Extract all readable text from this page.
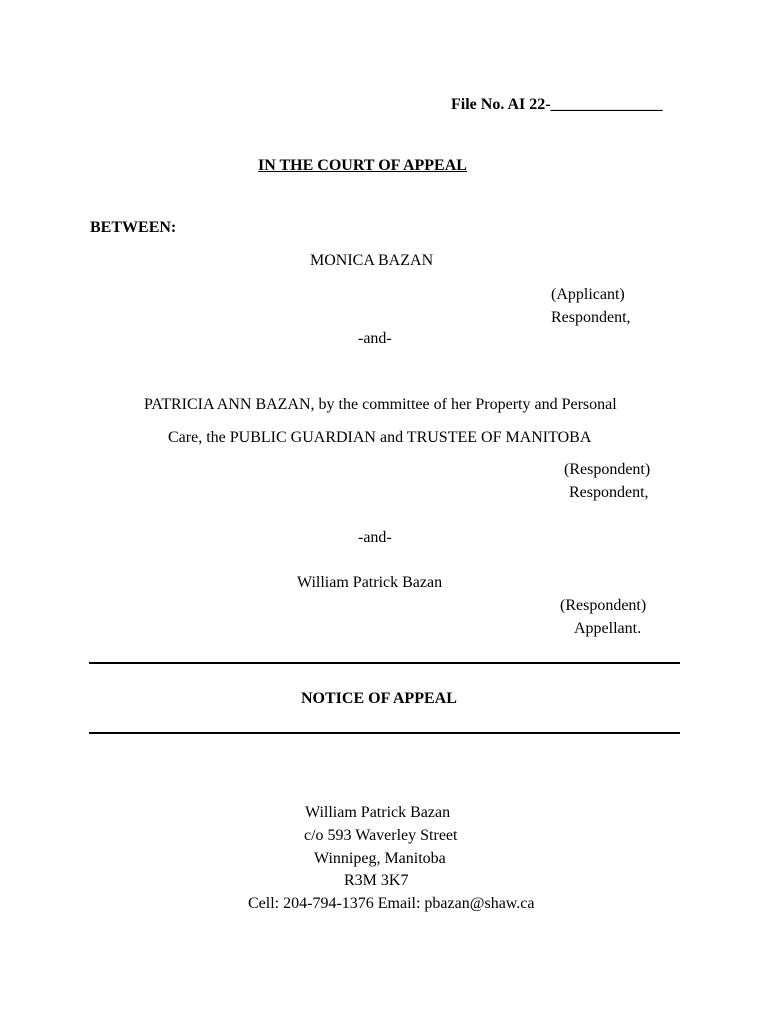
File No. AI 22-______________
IN THE COURT OF APPEAL
BETWEEN:
MONICA BAZAN
(Applicant)
Respondent,
-and-
PATRICIA ANN BAZAN, by the committee of her Property and Personal
Care, the PUBLIC GUARDIAN and TRUSTEE OF MANITOBA
(Respondent)
Respondent,
-and-
William Patrick Bazan
(Respondent)
Appellant.
NOTICE OF APPEAL
William Patrick Bazan
c/o 593 Waverley Street
Winnipeg, Manitoba
R3M 3K7
Cell: 204-794-1376 Email: pbazan@shaw.ca
